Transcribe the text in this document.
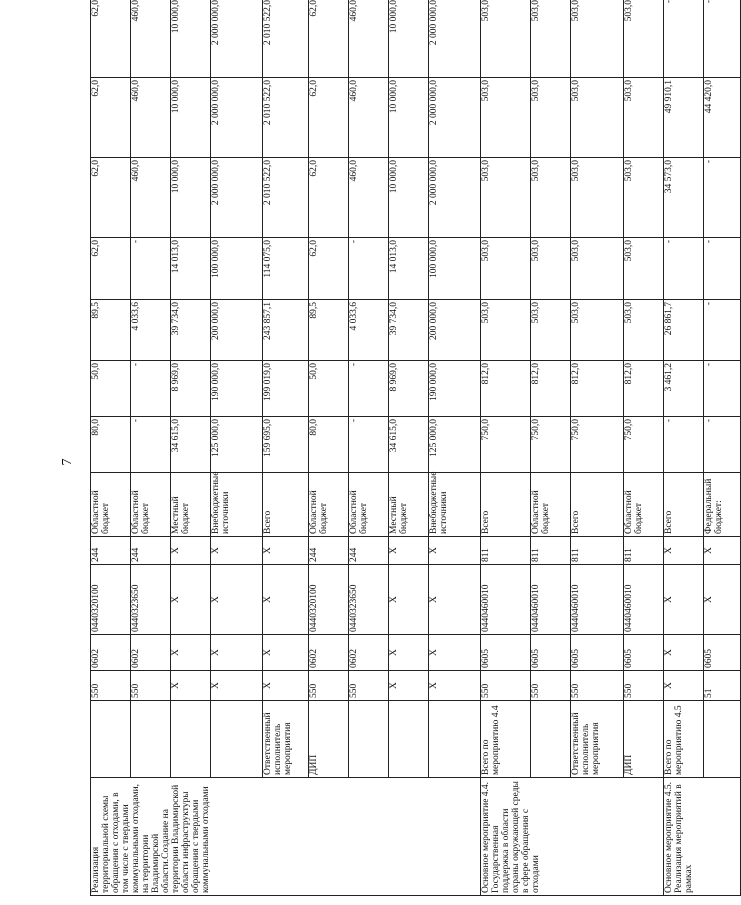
7
Реализация территориальной схемы обращения с отходами, в том числе с твердыми коммунальными отходами, на территории Владимирской области.Создание на территории Владимирской области инфраструктуры обращения с твердыми коммунальными отходами		550	0602	0440320100	244	Областной бюджет	80,0	50,0	89,5	62,0	62,0	62,0	62,0	
		550	0602	0440323650	244	Областной бюджет	-	-	4 033,6	-	460,0	460,0	460,0	
		X	X	X	X	Местный бюджет	34 615,0	8 969,0	39 734,0	14 013,0	10 000,0	10 000,0	10 000,0	
		X	X	X	X	Внебюджетные источники	125 000,0	190 000,0	200 000,0	100 000,0	2 000 000,0	2 000 000,0	2 000 000,0	
	Ответственный исполнитель мероприятия	X	X	X	X	Всего	159 695,0	199 019,0	243 857,1	114 075,0	2 010 522,0	2 010 522,0	2 010 522,0	
	ДИП	550	0602	0440320100	244	Областной бюджет	80,0	50,0	89,5	62,0	62,0	62,0	62,0	
		550	0602	0440323650	244	Областной бюджет	-	-	4 033,6	-	460,0	460,0	460,0	
		X	X	X	X	Местный бюджет	34 615,0	8 969,0	39 734,0	14 013,0	10 000,0	10 000,0	10 000,0	
		X	X	X	X	Внебюджетные источники	125 000,0	190 000,0	200 000,0	100 000,0	2 000 000,0	2 000 000,0	2 000 000,0	
Основное мероприятие 4.4. Государственная поддержка в области охраны окружающей среды в сфере обращения с отходами	Всего по мероприятию 4.4	550	0605	0440460010	811	Всего	750,0	812,0	503,0	503,0	503,0	503,0	503,0	
		550	0605	0440460010	811	Областной бюджет	750,0	812,0	503,0	503,0	503,0	503,0	503,0	
	Ответственный исполнитель мероприятия	550	0605	0440460010	811	Всего	750,0	812,0	503,0	503,0	503,0	503,0	503,0	
	ДИП	550	0605	0440460010	811	Областной бюджет	750,0	812,0	503,0	503,0	503,0	503,0	503,0	
Основное мероприятие 4.5. Реализация мероприятий в рамках	Всего по мероприятию 4.5	X	X	X	X	Всего	-	3 461,2	26 861,7	-	34 573,0	49 910,1	-	
		51	0605	X	X	Федеральный бюджет:	-	-	-	-	-	44 420,0	-	
